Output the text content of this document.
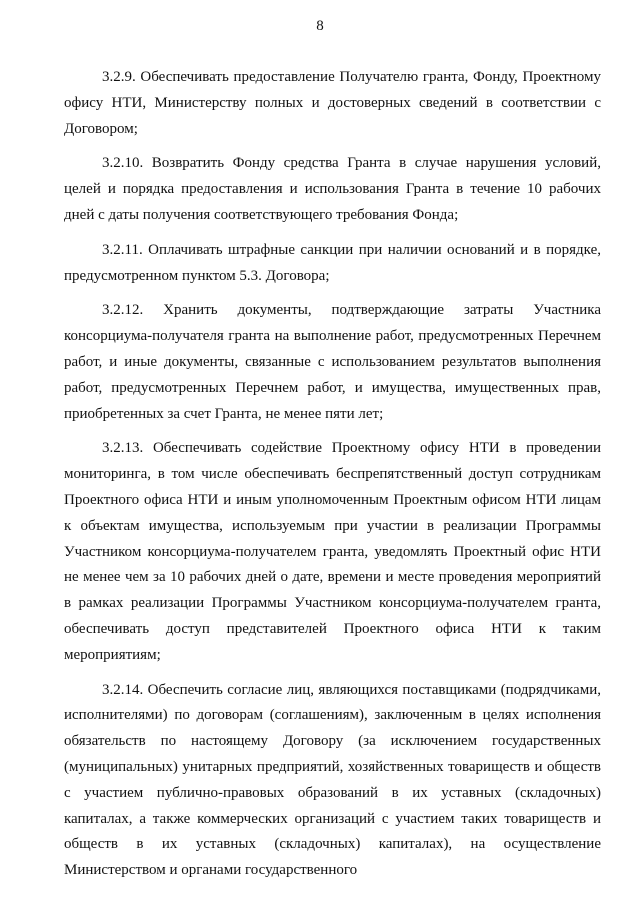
8

3.2.9. Обеспечивать предоставление Получателю гранта, Фонду, Проектному офису НТИ, Министерству полных и достоверных сведений в соответствии с Договором;

3.2.10. Возвратить Фонду средства Гранта в случае нарушения условий, целей и порядка предоставления и использования Гранта в течение 10 рабочих дней с даты получения соответствующего требования Фонда;

3.2.11. Оплачивать штрафные санкции при наличии оснований и в порядке, предусмотренном пунктом 5.3. Договора;

3.2.12. Хранить документы, подтверждающие затраты Участника консорциума-получателя гранта на выполнение работ, предусмотренных Перечнем работ, и иные документы, связанные с использованием результатов выполнения работ, предусмотренных Перечнем работ, и имущества, имущественных прав, приобретенных за счет Гранта, не менее пяти лет;

3.2.13. Обеспечивать содействие Проектному офису НТИ в проведении мониторинга, в том числе обеспечивать беспрепятственный доступ сотрудникам Проектного офиса НТИ и иным уполномоченным Проектным офисом НТИ лицам к объектам имущества, используемым при участии в реализации Программы Участником консорциума-получателем гранта, уведомлять Проектный офис НТИ не менее чем за 10 рабочих дней о дате, времени и месте проведения мероприятий в рамках реализации Программы Участником консорциума-получателем гранта, обеспечивать доступ представителей Проектного офиса НТИ к таким мероприятиям;

3.2.14. Обеспечить согласие лиц, являющихся поставщиками (подрядчиками, исполнителями) по договорам (соглашениям), заключенным в целях исполнения обязательств по настоящему Договору (за исключением государственных (муниципальных) унитарных предприятий, хозяйственных товариществ и обществ с участием публично-правовых образований в их уставных (складочных) капиталах, а также коммерческих организаций с участием таких товариществ и обществ в их уставных (складочных) капиталах), на осуществление Министерством и органами государственного
